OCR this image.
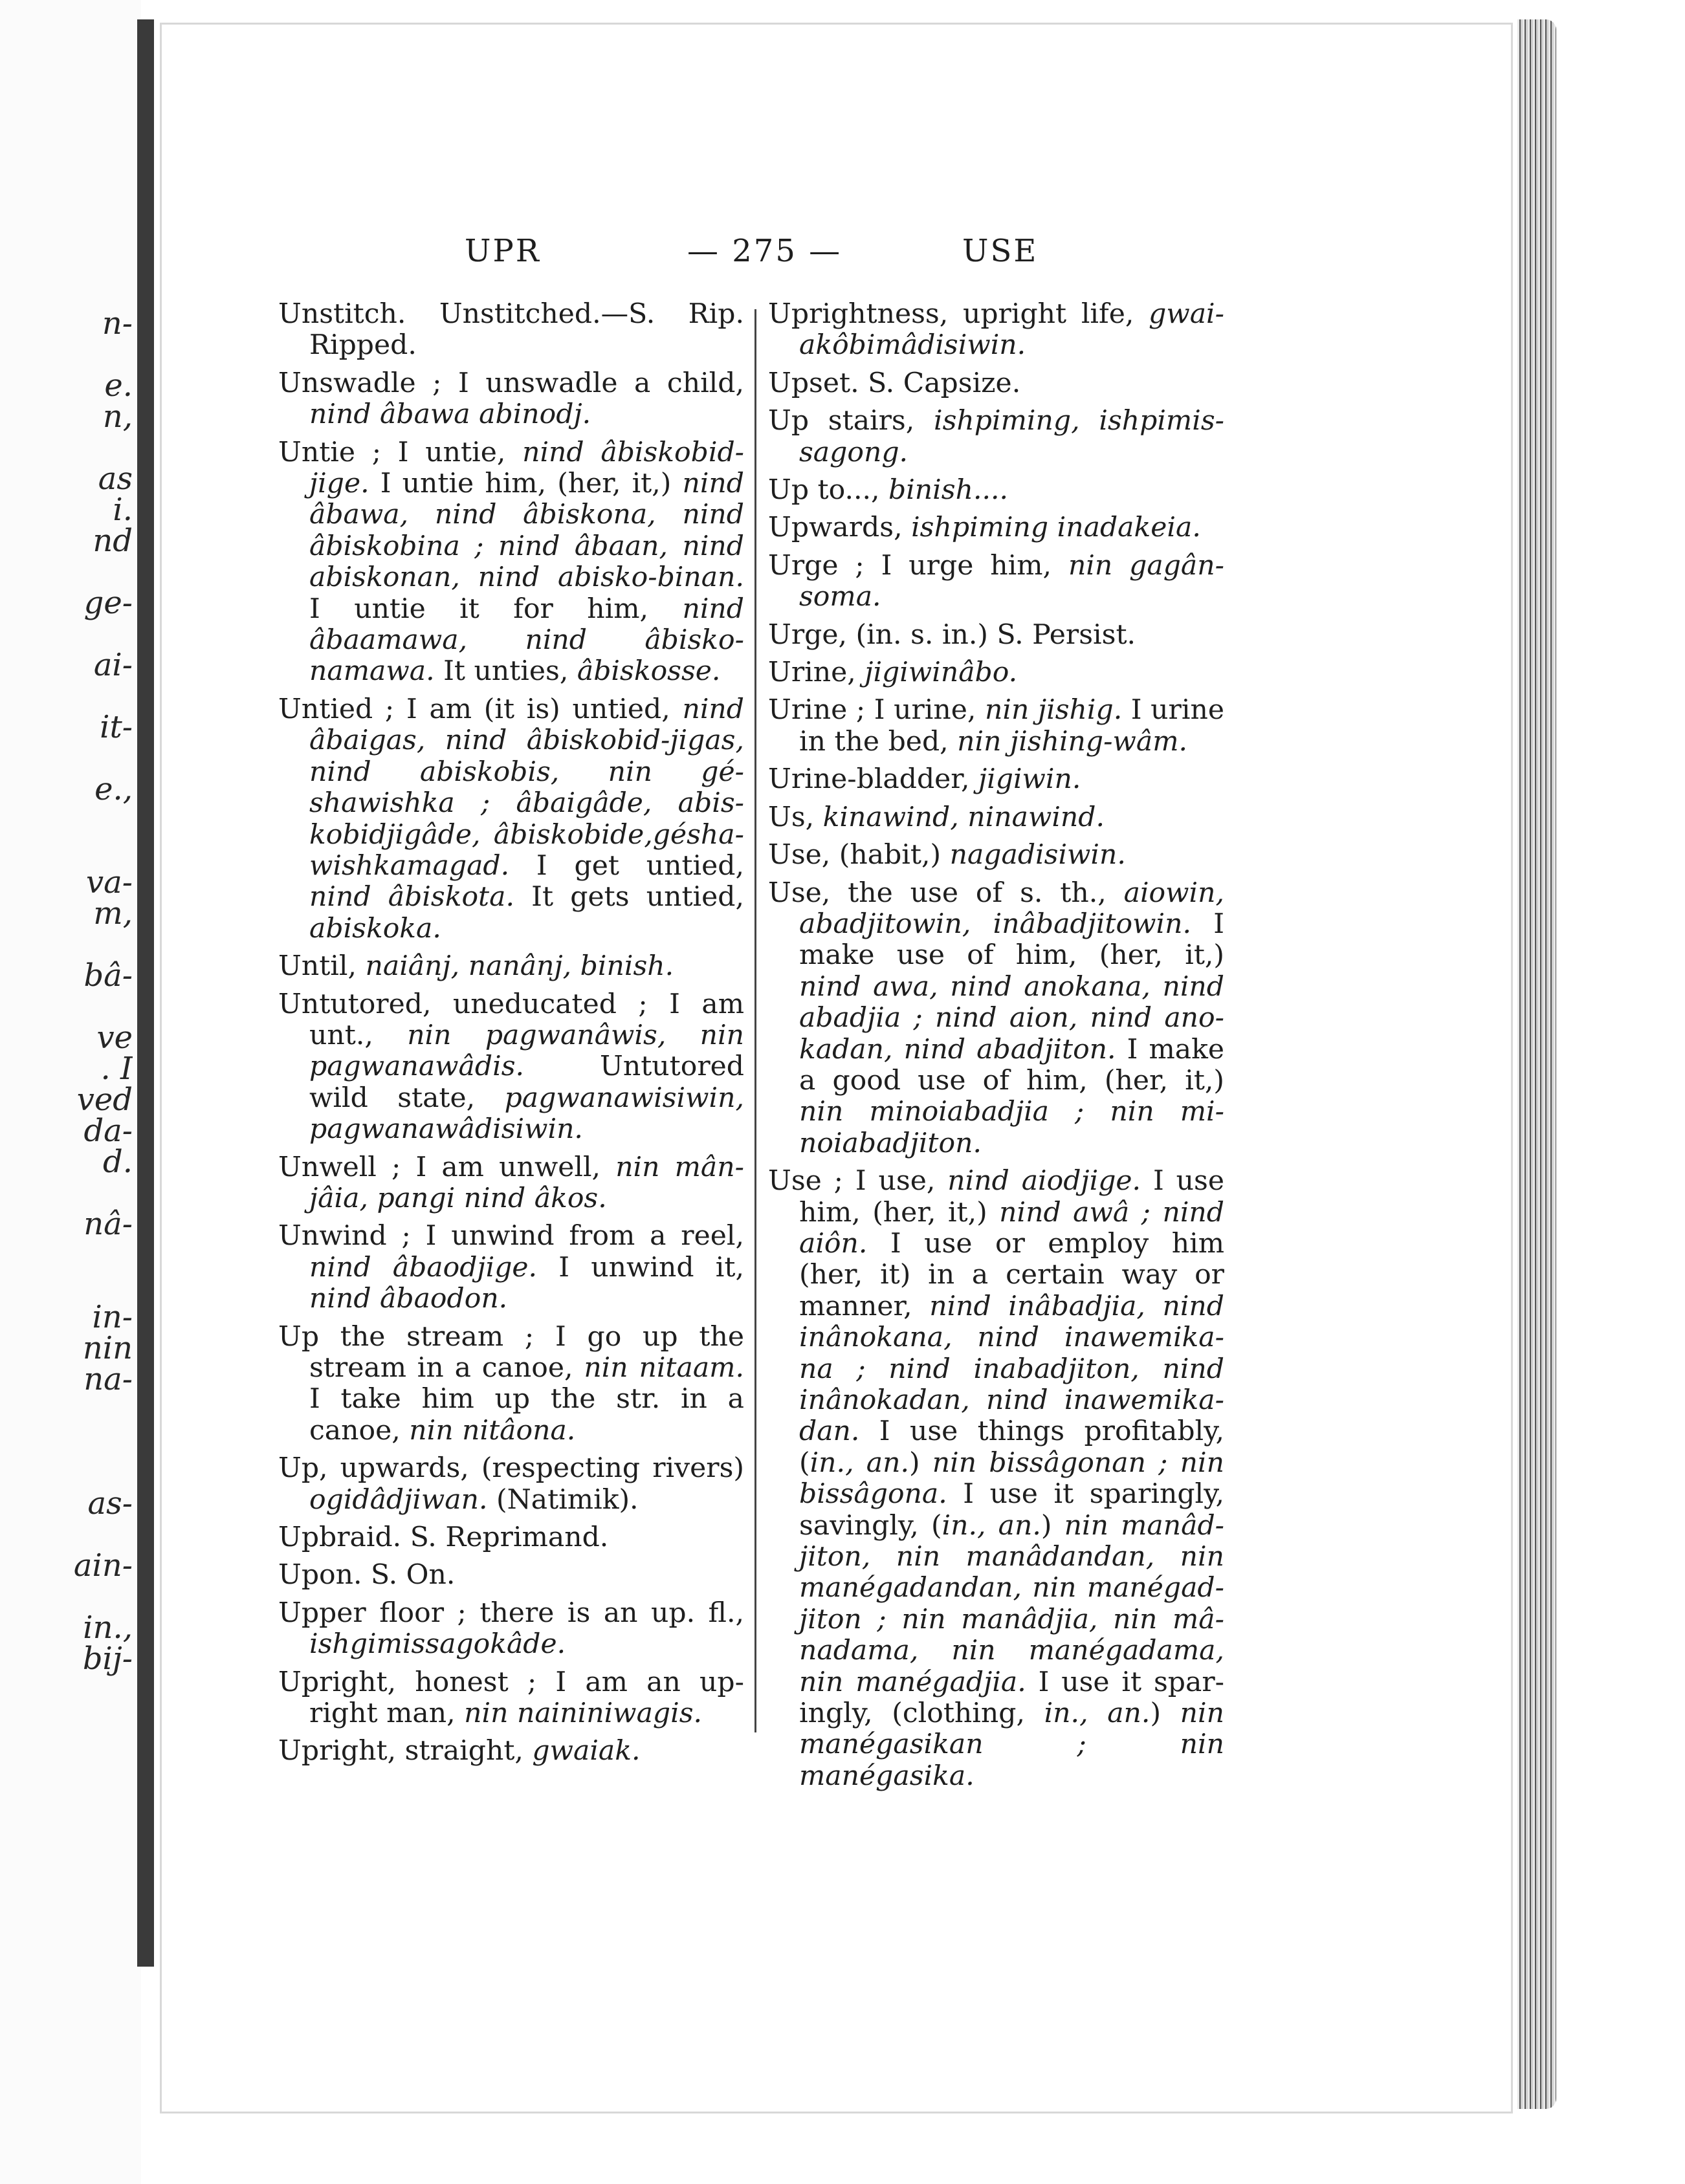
n-
e.
n,
as
i.
nd
ge-
ai-
it-
e.,
va-
m,
bâ-
ve
. I
ved
da-
d.
nâ-
in-
nin
na-
as-
ain-
in.,
bij-
UPR	— 275 —	USE
Unstitch. Unstitched.—S. Rip. Ripped.
Unswadle ; I unswadle a child, nind âbawa abinodj.
Untie ; I untie, nind âbiskobid-jige. I untie him, (her, it,) nind âbawa, nind âbiskona, nind âbiskobina ; nind âbaan, nind abiskonan, nind abisko-binan. I untie it for him, nind âbaamawa, nind âbisko-namawa. It unties, âbiskosse.
Untied ; I am (it is) untied, nind âbaigas, nind âbiskobid-jigas, nind abiskobis, nin gé-shawishka ; âbaigâde, abis-kobidjigâde, âbiskobide,gésha-wishkamagad. I get untied, nind âbiskota. It gets untied, abiskoka.
Until, naiânj, nanânj, binish.
Untutored, uneducated ; I am unt., nin pagwanâwis, nin pagwanawâdis. Untutored wild state, pagwanawisiwin, pagwanawâdisiwin.
Unwell ; I am unwell, nin mân-jâia, pangi nind âkos.
Unwind ; I unwind from a reel, nind âbaodjige. I unwind it, nind âbaodon.
Up the stream ; I go up the stream in a canoe, nin nitaam. I take him up the str. in a canoe, nin nitâona.
Up, upwards, (respecting rivers) ogidâdjiwan. (Natimik).
Upbraid. S. Reprimand.
Upon. S. On.
Upper floor ; there is an up. fl., ishgimissagokâde.
Upright, honest ; I am an up-right man, nin naininiwagis.
Upright, straight, gwaiak.
Uprightness, upright life, gwai-akôbimâdisiwin.
Upset. S. Capsize.
Up stairs, ishpiming, ishpimis-sagong.
Up to..., binish....
Upwards, ishpiming inadakeia.
Urge ; I urge him, nin gagân-soma.
Urge, (in. s. in.) S. Persist.
Urine, jigiwinâbo.
Urine ; I urine, nin jishig. I urine in the bed, nin jishing-wâm.
Urine-bladder, jigiwin.
Us, kinawind, ninawind.
Use, (habit,) nagadisiwin.
Use, the use of s. th., aiowin, abadjitowin, inâbadjitowin. I make use of him, (her, it,) nind awa, nind anokana, nind abadjia ; nind aion, nind ano-kadan, nind abadjiton. I make a good use of him, (her, it,) nin minoiabadjia ; nin mi-noiabadjiton.
Use ; I use, nind aiodjige. I use him, (her, it,) nind awâ ; nind aiôn. I use or employ him (her, it) in a certain way or manner, nind inâbadjia, nind inânokana, nind inawemika-na ; nind inabadjiton, nind inânokadan, nind inawemika-dan. I use things profitably, (in., an.) nin bissâgonan ; nin bissâgona. I use it sparingly, savingly, (in., an.) nin manâd-jiton, nin manâdandan, nin manégadandan, nin manégad-jiton ; nin manâdjia, nin mâ-nadama, nin manégadama, nin manégadjia. I use it spar-ingly, (clothing, in., an.) nin manégasikan ; nin manégasika.
